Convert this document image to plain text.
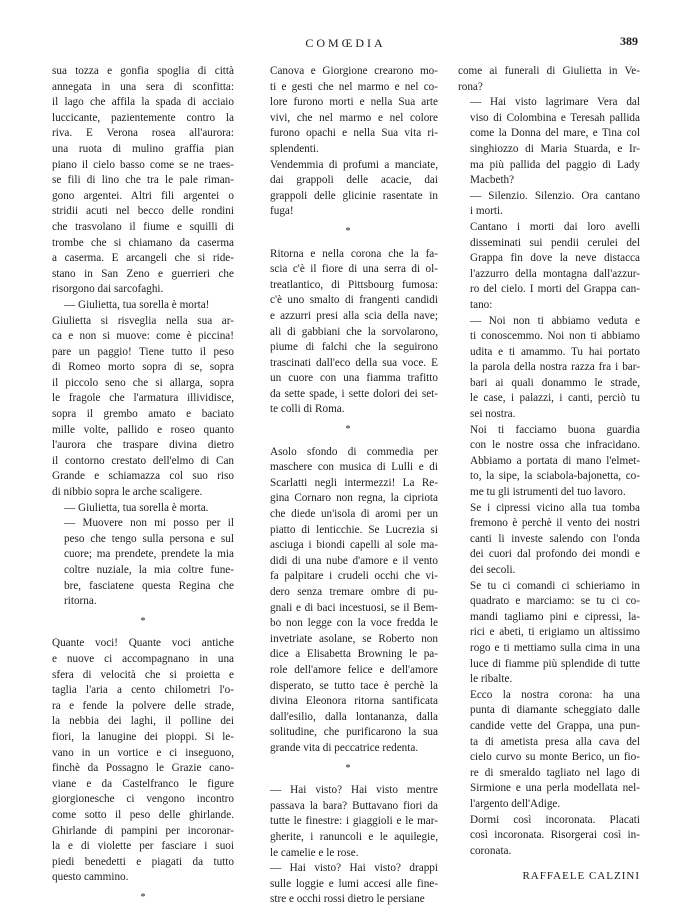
COMŒDIA	389

sua tozza e gonfia spoglia di città
annegata in una sera di sconfitta:
il lago che affila la spada di acciaio
luccicante, pazientemente contro la
riva. E Verona rosea all'aurora:
una ruota di mulino graffia pian
piano il cielo basso come se ne traes-
se fili di lino che tra le pale riman-
gono argentei. Altri fili argentei o
stridii acuti nel becco delle rondini
che trasvolano il fiume e squilli di
trombe che si chiamano da caserma
a caserma. E arcangeli che si ride-
stano in San Zeno e guerrieri che
risorgono dai sarcofaghi.

— Giulietta, tua sorella è morta!

Giulietta si risveglia nella sua ar-
ca e non si muove: come è piccina!
pare un paggio! Tiene tutto il peso
di Romeo morto sopra di se, sopra
il piccolo seno che si allarga, sopra
le fragole che l'armatura illividisce,
sopra il grembo amato e baciato
mille volte, pallido e roseo quanto
l'aurora che traspare divina dietro
il contorno crestato dell'elmo di Can
Grande e schiamazza col suo riso
di nibbio sopra le arche scaligere.

— Giulietta, tua sorella è morta.

— Muovere non mi posso per il
peso che tengo sulla persona e sul
cuore; ma prendete, prendete la mia
coltre nuziale, la mia coltre fune-
bre, fasciatene questa Regina che
ritorna.

*

Quante voci! Quante voci antiche
e nuove ci accompagnano in una
sfera di velocità che si proietta e
taglia l'aria a cento chilometri l'o-
ra e fende la polvere delle strade,
la nebbia dei laghi, il polline dei
fiori, la lanugine dei pioppi. Si le-
vano in un vortice e ci inseguono,
finchè da Possagno le Grazie cano-
viane e da Castelfranco le figure
giorgionesche ci vengono incontro
come sotto il peso delle ghirlande.
Ghirlande di pampini per incoronar-
la e di violette per fasciare i suoi
piedi benedetti e piagati da tutto
questo cammino.

*

Canova e Giorgione crearono mo-
ti e gesti che nel marmo e nel co-
lore furono morti e nella Sua arte
vivi, che nel marmo e nel colore
furono opachi e nella Sua vita ri-
splendenti.

Vendemmia di profumi a manciate,
dai grappoli delle acacie, dai
grappoli delle glicinie rasentate in
fuga!

*

Ritorna e nella corona che la fa-
scia c'è il fiore di una serra di ol-
treatlantico, di Pittsbourg fumosa:
c'è uno smalto di frangenti candidi
e azzurri presi alla scia della nave;
ali di gabbiani che la sorvolarono,
piume di falchi che la seguirono
trascinati dall'eco della sua voce. E
un cuore con una fiamma trafitto
da sette spade, i sette dolori dei set-
te colli di Roma.

*

Asolo sfondo di commedia per
maschere con musica di Lulli e di
Scarlatti negli intermezzi! La Re-
gina Cornaro non regna, la cipriota
che diede un'isola di aromi per un
piatto di lenticchie. Se Lucrezia si
asciuga i biondi capelli al sole ma-
didi di una nube d'amore e il vento
fa palpitare i crudeli occhi che vi-
dero senza tremare ombre di pu-
gnali e di baci incestuosi, se il Bem-
bo non legge con la voce fredda le
invetriate asolane, se Roberto non
dice a Elisabetta Browning le pa-
role dell'amore felice e dell'amore
disperato, se tutto tace è perchè la
divina Eleonora ritorna santificata
dall'esilio, dalla lontananza, dalla
solitudine, che purificarono la sua
grande vita di peccatrice redenta.

*

— Hai visto? Hai visto mentre
passava la bara? Buttavano fiori da
tutte le finestre: i giaggioli e le mar-
gherite, i ranuncoli e le aquilegie,
le camelie e le rose.

— Hai visto? Hai visto? drappi
sulle loggie e lumi accesi alle fine-
stre e occhi rossi dietro le persiane

come ai funerali di Giulietta in Ve-
rona?

— Hai visto lagrimare Vera dal
viso di Colombina e Teresah pallida
come la Donna del mare, e Tina col
singhiozzo di Maria Stuarda, e Ir-
ma più pallida del paggio di Lady
Macbeth?

— Silenzio. Silenzio. Ora cantano
i morti.

Cantano i morti dai loro avelli
disseminati sui pendii cerulei del
Grappa fin dove la neve distacca
l'azzurro della montagna dall'azzur-
ro del cielo. I morti del Grappa can-
tano:

— Noi non ti abbiamo veduta e
ti conoscemmo. Noi non ti abbiamo
udita e ti amammo. Tu hai portato
la parola della nostra razza fra i bar-
bari ai quali donammo le strade,
le case, i palazzi, i canti, perciò tu
sei nostra.

Noi ti facciamo buona guardia
con le nostre ossa che infracidano.
Abbiamo a portata di mano l'elmet-
to, la sipe, la sciabola-bajonetta, co-
me tu gli istrumenti del tuo lavoro.

Se i cipressi vicino alla tua tomba
fremono è perchè il vento dei nostri
canti li investe salendo con l'onda
dei cuori dal profondo dei mondi e
dei secoli.

Se tu ci comandi ci schieriamo in
quadrato e marciamo: se tu ci co-
mandi tagliamo pini e cipressi, la-
rici e abeti, ti erigiamo un altissimo
rogo e ti mettiamo sulla cima in una
luce di fiamme più splendide di tutte
le ribalte.

Ecco la nostra corona: ha una
punta di diamante scheggiato dalle
candide vette del Grappa, una pun-
ta di ametista presa alla cava del
cielo curvo su monte Berico, un fio-
re di smeraldo tagliato nel lago di
Sirmione e una perla modellata nel-
l'argento dell'Adige.

Dormi così incoronata. Placati
così incoronata. Risorgerai così in-
coronata.

RAFFAELE CALZINI
